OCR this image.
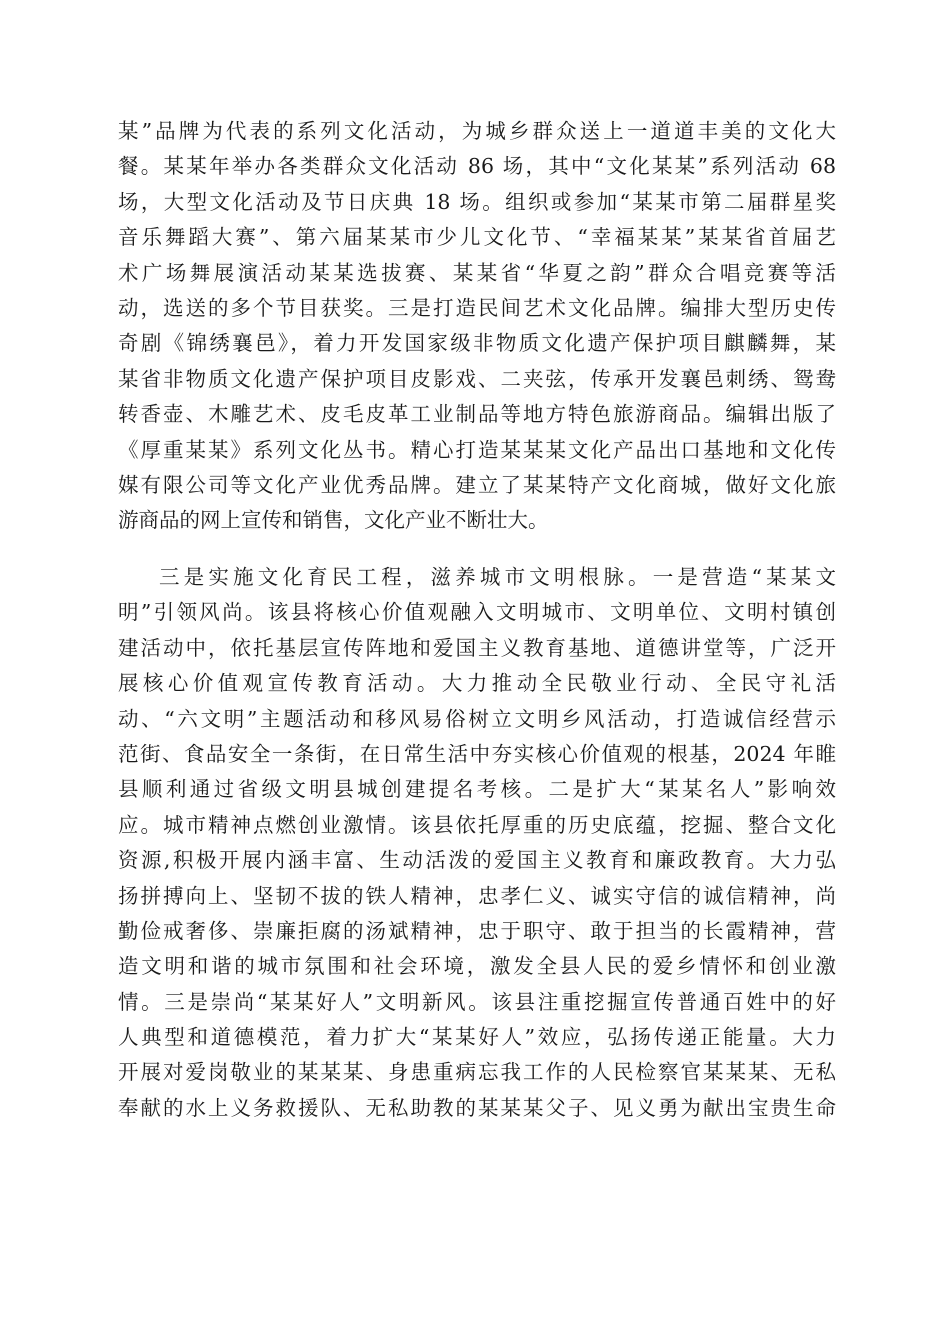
某”品牌为代表的系列文化活动，为城乡群众送上一道道丰美的文化大
餐。某某年举办各类群众文化活动 86 场，其中“文化某某”系列活动 68
场，大型文化活动及节日庆典 18 场。组织或参加“某某市第二届群星奖
音乐舞蹈大赛”、第六届某某市少儿文化节、“幸福某某”某某省首届艺
术广场舞展演活动某某选拔赛、某某省“华夏之韵”群众合唱竞赛等活
动，选送的多个节目获奖。三是打造民间艺术文化品牌。编排大型历史传
奇剧《锦绣襄邑》，着力开发国家级非物质文化遗产保护项目麒麟舞，某
某省非物质文化遗产保护项目皮影戏、二夹弦，传承开发襄邑刺绣、鸳鸯
转香壶、木雕艺术、皮毛皮革工业制品等地方特色旅游商品。编辑出版了
《厚重某某》系列文化丛书。精心打造某某某文化产品出口基地和文化传
媒有限公司等文化产业优秀品牌。建立了某某特产文化商城，做好文化旅
游商品的网上宣传和销售，文化产业不断壮大。
三是实施文化育民工程，滋养城市文明根脉。一是营造“某某文
明”引领风尚。该县将核心价值观融入文明城市、文明单位、文明村镇创
建活动中，依托基层宣传阵地和爱国主义教育基地、道德讲堂等，广泛开
展核心价值观宣传教育活动。大力推动全民敬业行动、全民守礼活
动、“六文明”主题活动和移风易俗树立文明乡风活动，打造诚信经营示
范街、食品安全一条街，在日常生活中夯实核心价值观的根基，2024 年睢
县顺利通过省级文明县城创建提名考核。二是扩大“某某名人”影响效
应。城市精神点燃创业激情。该县依托厚重的历史底蕴，挖掘、整合文化
资源,积极开展内涵丰富、生动活泼的爱国主义教育和廉政教育。大力弘
扬拼搏向上、坚韧不拔的铁人精神，忠孝仁义、诚实守信的诚信精神，尚
勤俭戒奢侈、崇廉拒腐的汤斌精神，忠于职守、敢于担当的长霞精神，营
造文明和谐的城市氛围和社会环境，激发全县人民的爱乡情怀和创业激
情。三是崇尚“某某好人”文明新风。该县注重挖掘宣传普通百姓中的好
人典型和道德模范，着力扩大“某某好人”效应，弘扬传递正能量。大力
开展对爱岗敬业的某某某、身患重病忘我工作的人民检察官某某某、无私
奉献的水上义务救援队、无私助教的某某某父子、见义勇为献出宝贵生命
